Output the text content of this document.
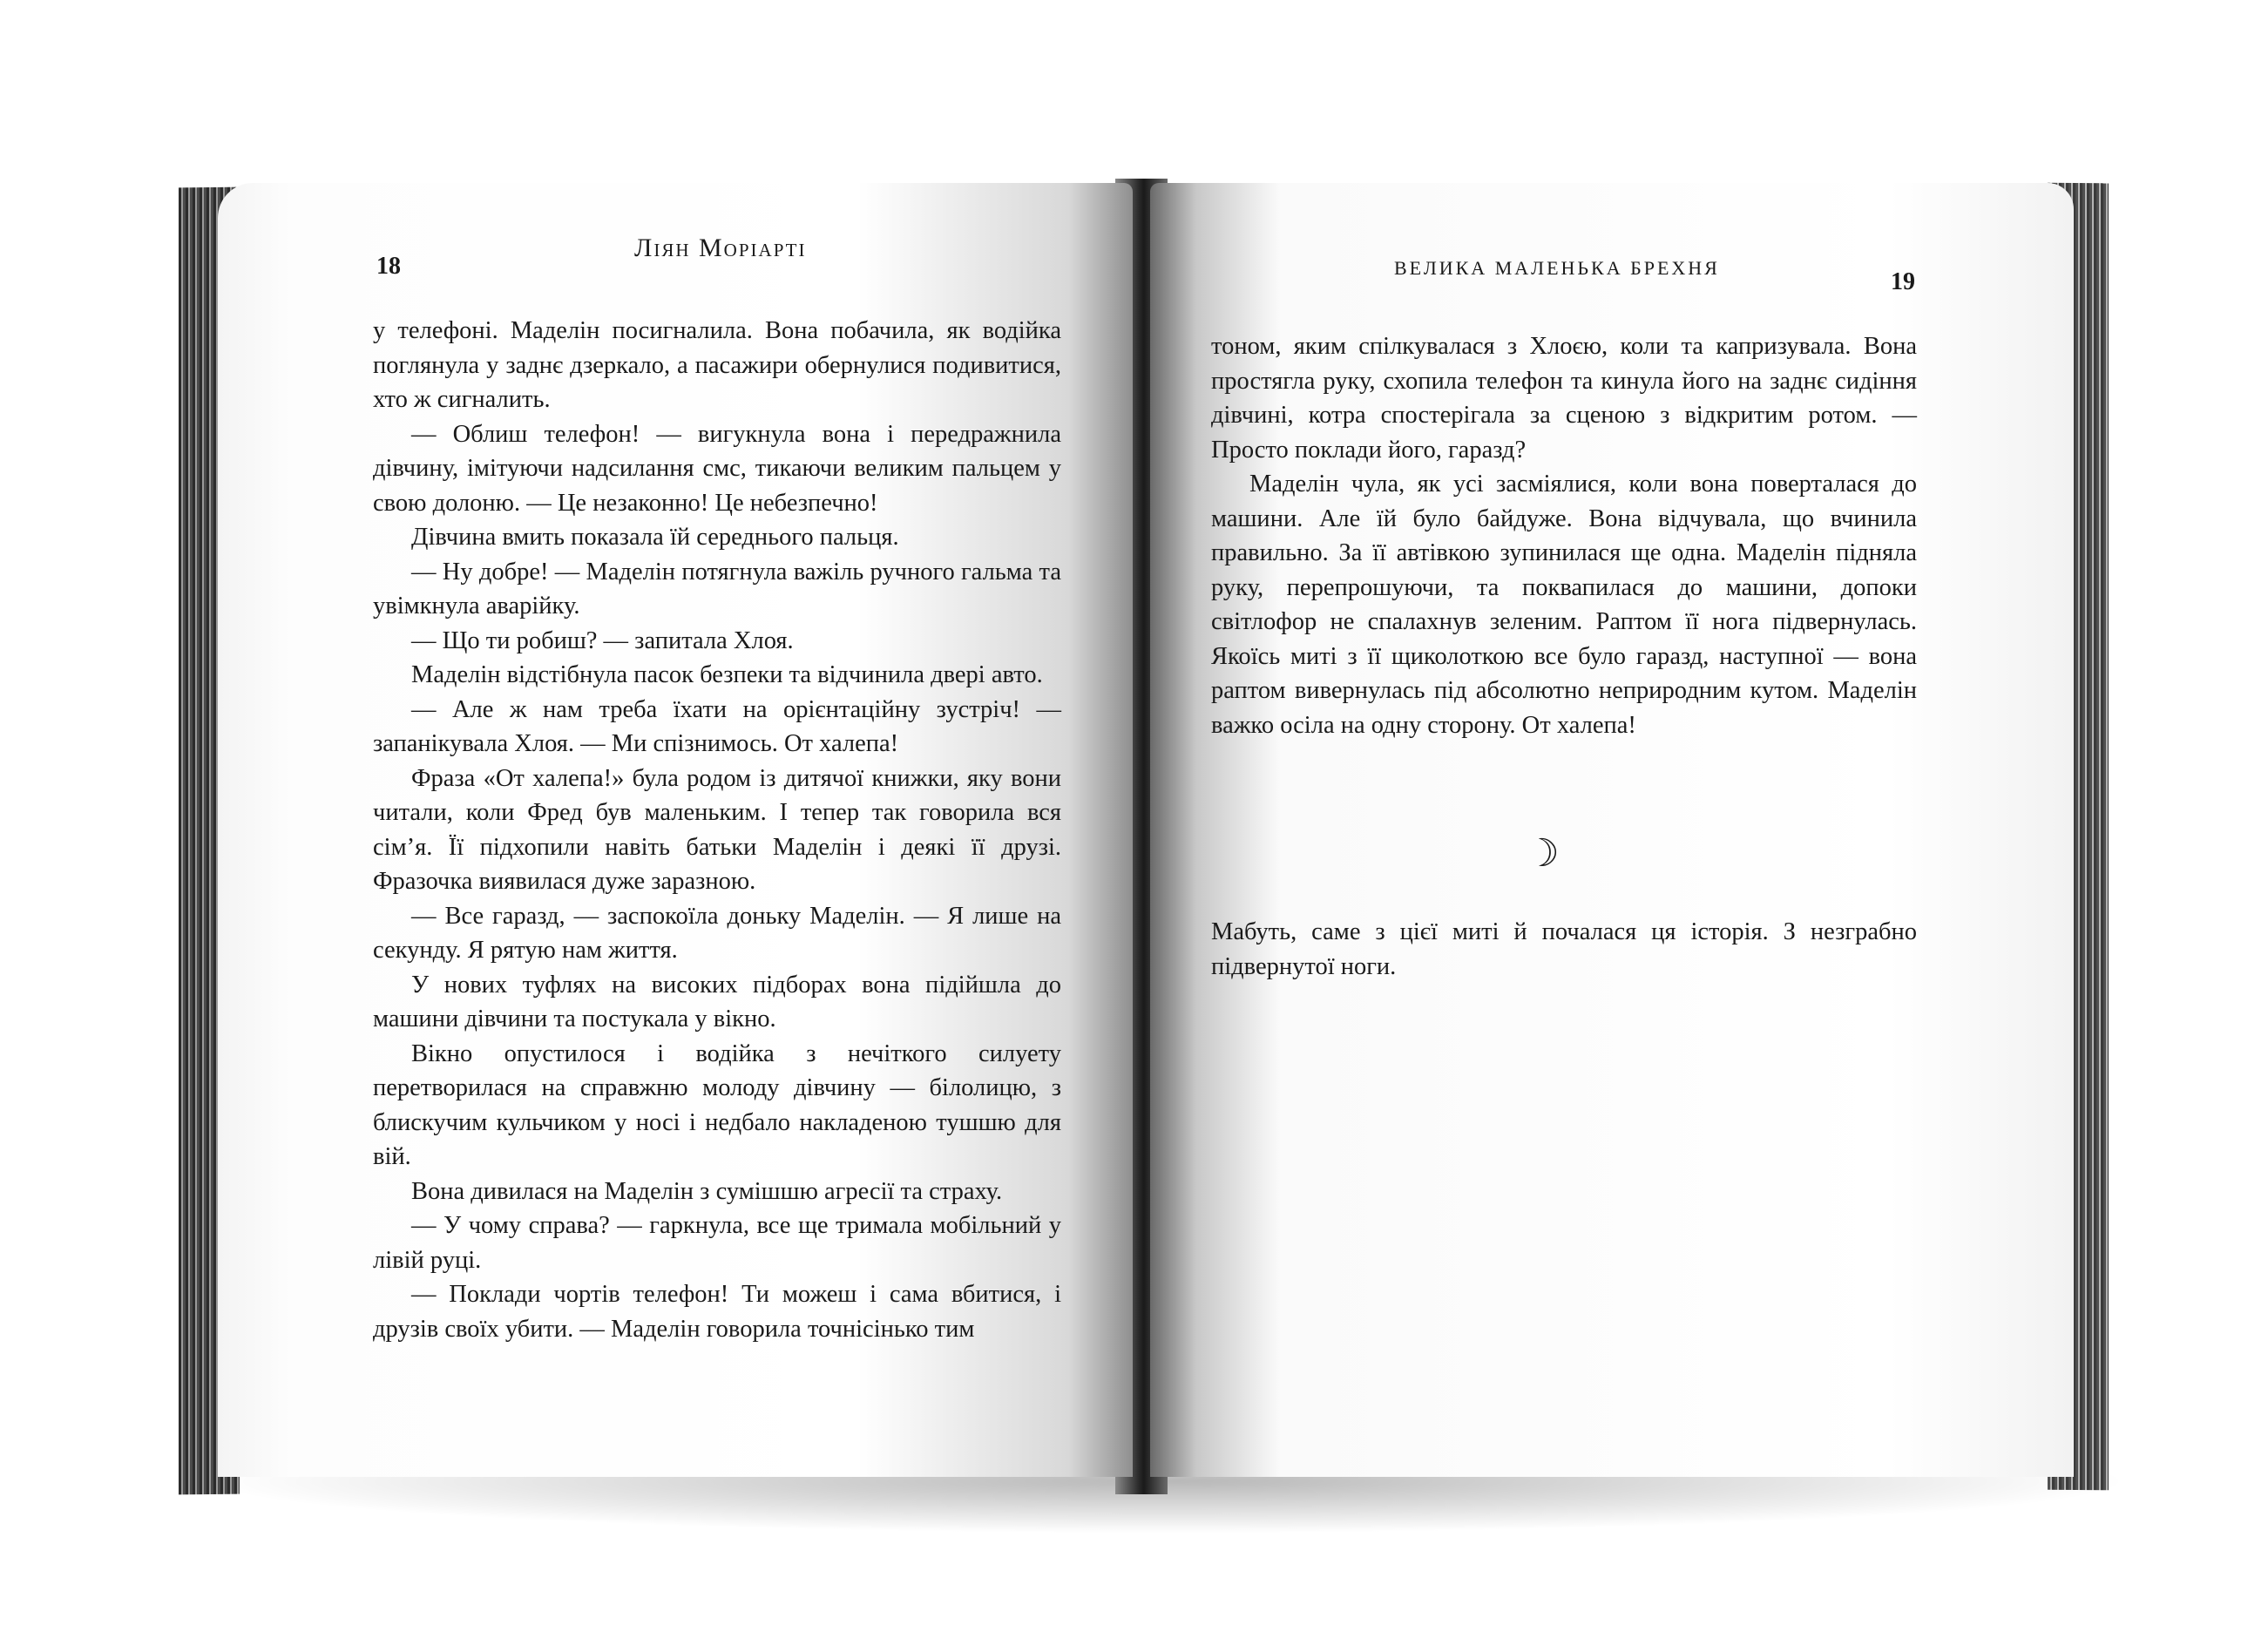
18
Ліян Моріарті

у телефоні. Маделін посигналила. Вона побачила, як водійка поглянула у заднє дзеркало, а пасажири обернулися подивитися, хто ж сигналить.

— Облиш телефон! — вигукнула вона і передражнила дівчину, імітуючи надсилання смс, тикаючи великим пальцем у свою долоню. — Це незаконно! Це небезпечно!

Дівчина вмить показала їй середнього пальця.

— Ну добре! — Маделін потягнула важіль ручного гальма та увімкнула аварійку.

— Що ти робиш? — запитала Хлоя.

Маделін відстібнула пасок безпеки та відчинила двері авто.

— Але ж нам треба їхати на орієнтаційну зустріч! — запанікувала Хлоя. — Ми спізнимось. От халепа!

Фраза «От халепа!» була родом із дитячої книжки, яку вони читали, коли Фред був маленьким. І тепер так говорила вся сім’я. Її підхопили навіть батьки Маделін і деякі її друзі. Фразочка виявилася дуже заразною.

— Все гаразд, — заспокоїла доньку Маделін. — Я лише на секунду. Я рятую нам життя.

У нових туфлях на високих підборах вона підійшла до машини дівчини та постукала у вікно.

Вікно опустилося і водійка з нечіткого силуету перетворилася на справжню молоду дівчину — білолицю, з блискучим кульчиком у носі і недбало накладеною тушшю для вій.

Вона дивилася на Маделін з сумішшю агресії та страху.

— У чому справа? — гаркнула, все ще тримала мобільний у лівій руці.

— Поклади чортів телефон! Ти можеш і сама вбитися, і друзів своїх убити. — Маделін говорила точнісінько тим

ВЕЛИКА МАЛЕНЬКА БРЕХНЯ
19

тоном, яким спілкувалася з Хлоєю, коли та капризувала. Вона простягла руку, схопила телефон та кинула його на заднє сидіння дівчині, котра спостерігала за сценою з відкритим ротом. — Просто поклади його, гаразд?

Маделін чула, як усі засміялися, коли вона поверталася до машини. Але їй було байдуже. Вона відчувала, що вчинила правильно. За її автівкою зупинилася ще одна. Маделін підняла руку, перепрошуючи, та поквапилася до машини, допоки світлофор не спалахнув зеленим. Раптом її нога підвернулась. Якоїсь миті з її щиколоткою все було гаразд, наступної — вона раптом вивернулась під абсолютно неприродним кутом. Маделін важко осіла на одну сторону. От халепа!

Мабуть, саме з цієї миті й почалася ця історія. З незграбно підвернутої ноги.

☽
